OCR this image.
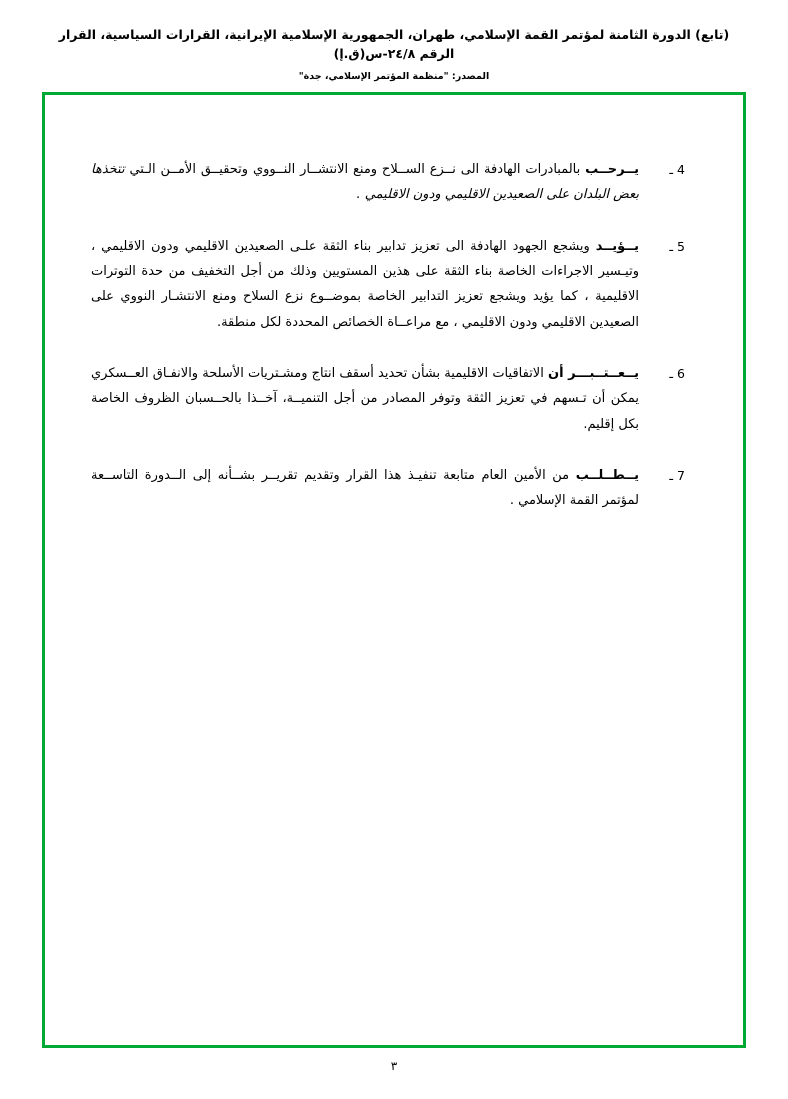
(تابع) الدورة الثامنة لمؤتمر القمة الإسلامي، طهران، الجمهورية الإسلامية الإيرانية، القرارات السياسية، القرار الرقم ٢٤/٨-س(ق.إ)
المصدر: "منظمة المؤتمر الإسلامي، جدة"
4 ـ
يــرحــب بالمبادرات الهادفة الى نــزع الســلاح ومنع الانتشــار النــووي وتحقيــق الأمــن الـتي تتخذها بعض البلدان على الصعيدين الاقليمي ودون الاقليمي .
5 ـ
يــؤيــد ويشجع الجهود الهادفة الى تعزيز تدابير بناء الثقة علـى الصعيدين الاقليمي ودون الاقليمي ، وتيـسير الاجراءات الخاصة بناء الثقة على هذين المستويين وذلك من أجل التخفيف من حدة التوترات الاقليمية ، كما يؤيد ويشجع تعزيز التدابير الخاصة بموضــوع نزع السلاح ومنع الانتشـار النووي على الصعيدين الاقليمي ودون الاقليمي ، مع مراعــاة الخصائص المحددة لكل منطقة.
6 ـ
يــعــتــبـــر أن الاتفاقيات الاقليمية بشأن تحديد أسقف انتاج ومشـتريات الأسلحة والانفـاق العــسكري يمكن أن تـسهم في تعزيز الثقة وتوفر المصادر من أجل التنميــة، آخــذا بالحــسبان الظروف الخاصة بكل إقليم.
7 ـ
يــطــلــب من الأمين العام متابعة تنفيـذ هذا القرار وتقديم تقريــر بشــأنه إلى الــدورة التاســعة لمؤتمر القمة الإسلامي .
٣
